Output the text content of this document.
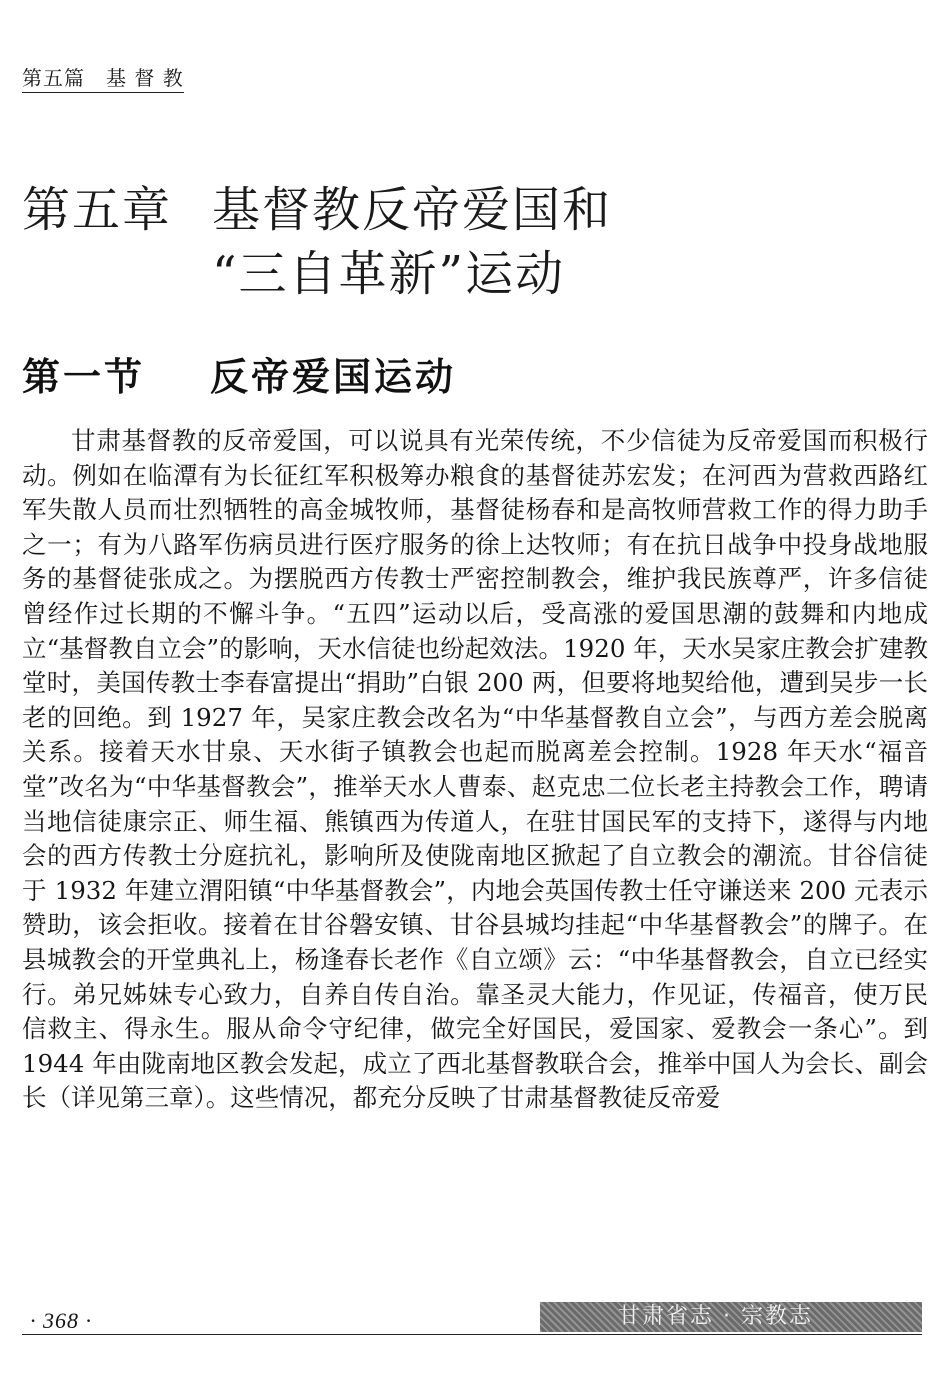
第五篇　基 督 教
第五章 基督教反帝爱国和
“三自革新”运动
第一节 反帝爱国运动

甘肃基督教的反帝爱国，可以说具有光荣传统，不少信徒为反帝爱国而积极行动。例如在临潭有为长征红军积极筹办粮食的基督徒苏宏发；在河西为营救西路红军失散人员而壮烈牺牲的高金城牧师，基督徒杨春和是高牧师营救工作的得力助手之一；有为八路军伤病员进行医疗服务的徐上达牧师；有在抗日战争中投身战地服务的基督徒张成之。为摆脱西方传教士严密控制教会，维护我民族尊严，许多信徒曾经作过长期的不懈斗争。“五四”运动以后，受高涨的爱国思潮的鼓舞和内地成立“基督教自立会”的影响，天水信徒也纷起效法。1920 年，天水吴家庄教会扩建教堂时，美国传教士李春富提出“捐助”白银 200 两，但要将地契给他，遭到吴步一长老的回绝。到 1927 年，吴家庄教会改名为“中华基督教自立会”，与西方差会脱离关系。接着天水甘泉、天水街子镇教会也起而脱离差会控制。1928 年天水“福音堂”改名为“中华基督教会”，推举天水人曹泰、赵克忠二位长老主持教会工作，聘请当地信徒康宗正、师生福、熊镇西为传道人，在驻甘国民军的支持下，遂得与内地会的西方传教士分庭抗礼，影响所及使陇南地区掀起了自立教会的潮流。甘谷信徒于 1932 年建立渭阳镇“中华基督教会”，内地会英国传教士任守谦送来 200 元表示赞助，该会拒收。接着在甘谷磐安镇、甘谷县城均挂起“中华基督教会”的牌子。在县城教会的开堂典礼上，杨逢春长老作《自立颂》云：“中华基督教会，自立已经实行。弟兄姊妹专心致力，自养自传自治。靠圣灵大能力，作见证，传福音，使万民信救主、得永生。服从命令守纪律，做完全好国民，爱国家、爱教会一条心”。到 1944 年由陇南地区教会发起，成立了西北基督教联合会，推举中国人为会长、副会长（详见第三章）。这些情况，都充分反映了甘肃基督教徒反帝爱

· 368 ·	甘肃省志 · 宗教志
